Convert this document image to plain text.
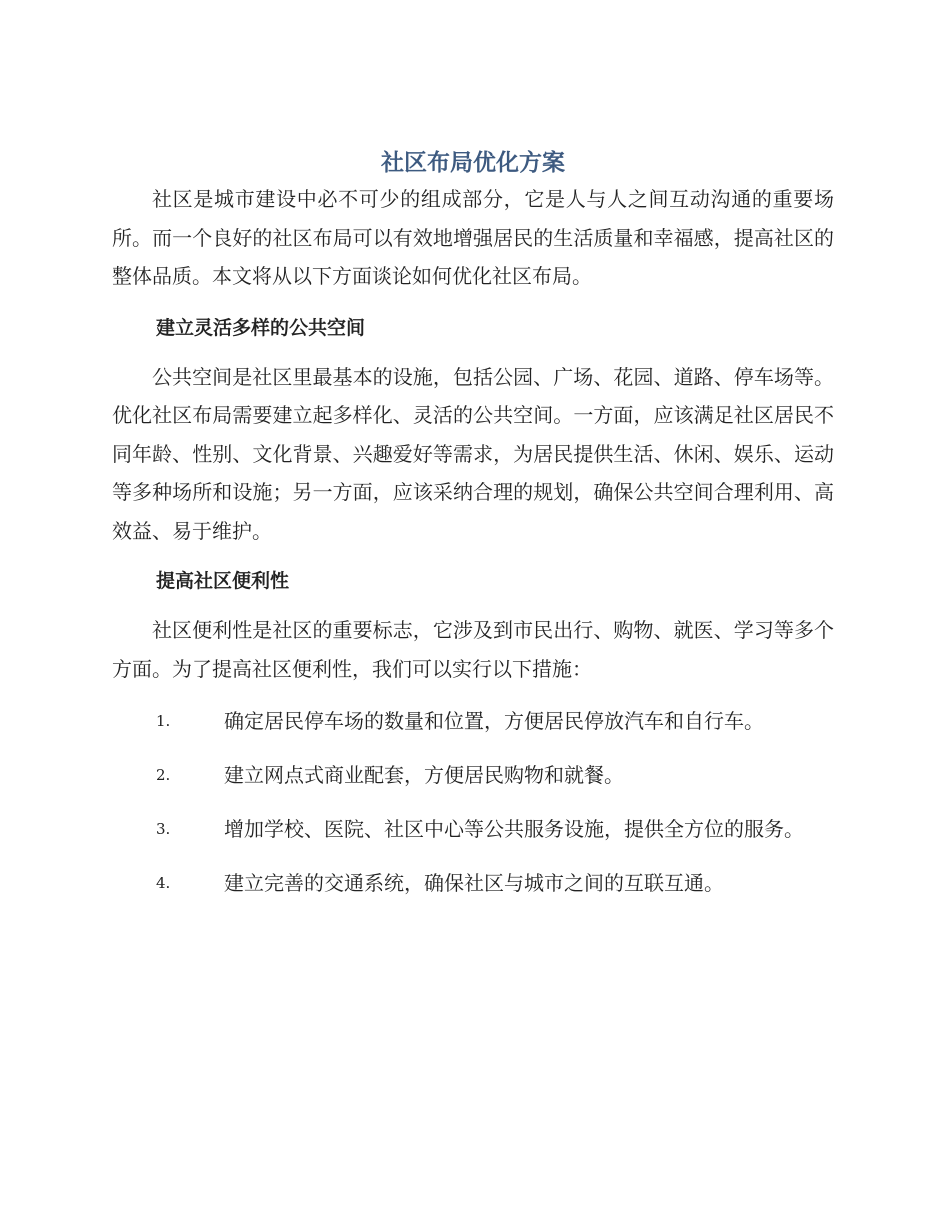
社区布局优化方案

社区是城市建设中必不可少的组成部分，它是人与人之间互动沟通的重要场所。而一个良好的社区布局可以有效地增强居民的生活质量和幸福感，提高社区的整体品质。本文将从以下方面谈论如何优化社区布局。

建立灵活多样的公共空间

公共空间是社区里最基本的设施，包括公园、广场、花园、道路、停车场等。优化社区布局需要建立起多样化、灵活的公共空间。一方面，应该满足社区居民不同年龄、性别、文化背景、兴趣爱好等需求，为居民提供生活、休闲、娱乐、运动等多种场所和设施；另一方面，应该采纳合理的规划，确保公共空间合理利用、高效益、易于维护。

提高社区便利性

社区便利性是社区的重要标志，它涉及到市民出行、购物、就医、学习等多个方面。为了提高社区便利性，我们可以实行以下措施：

1.	确定居民停车场的数量和位置，方便居民停放汽车和自行车。

2.	建立网点式商业配套，方便居民购物和就餐。

3.	增加学校、医院、社区中心等公共服务设施，提供全方位的服务。

4.	建立完善的交通系统，确保社区与城市之间的互联互通。
